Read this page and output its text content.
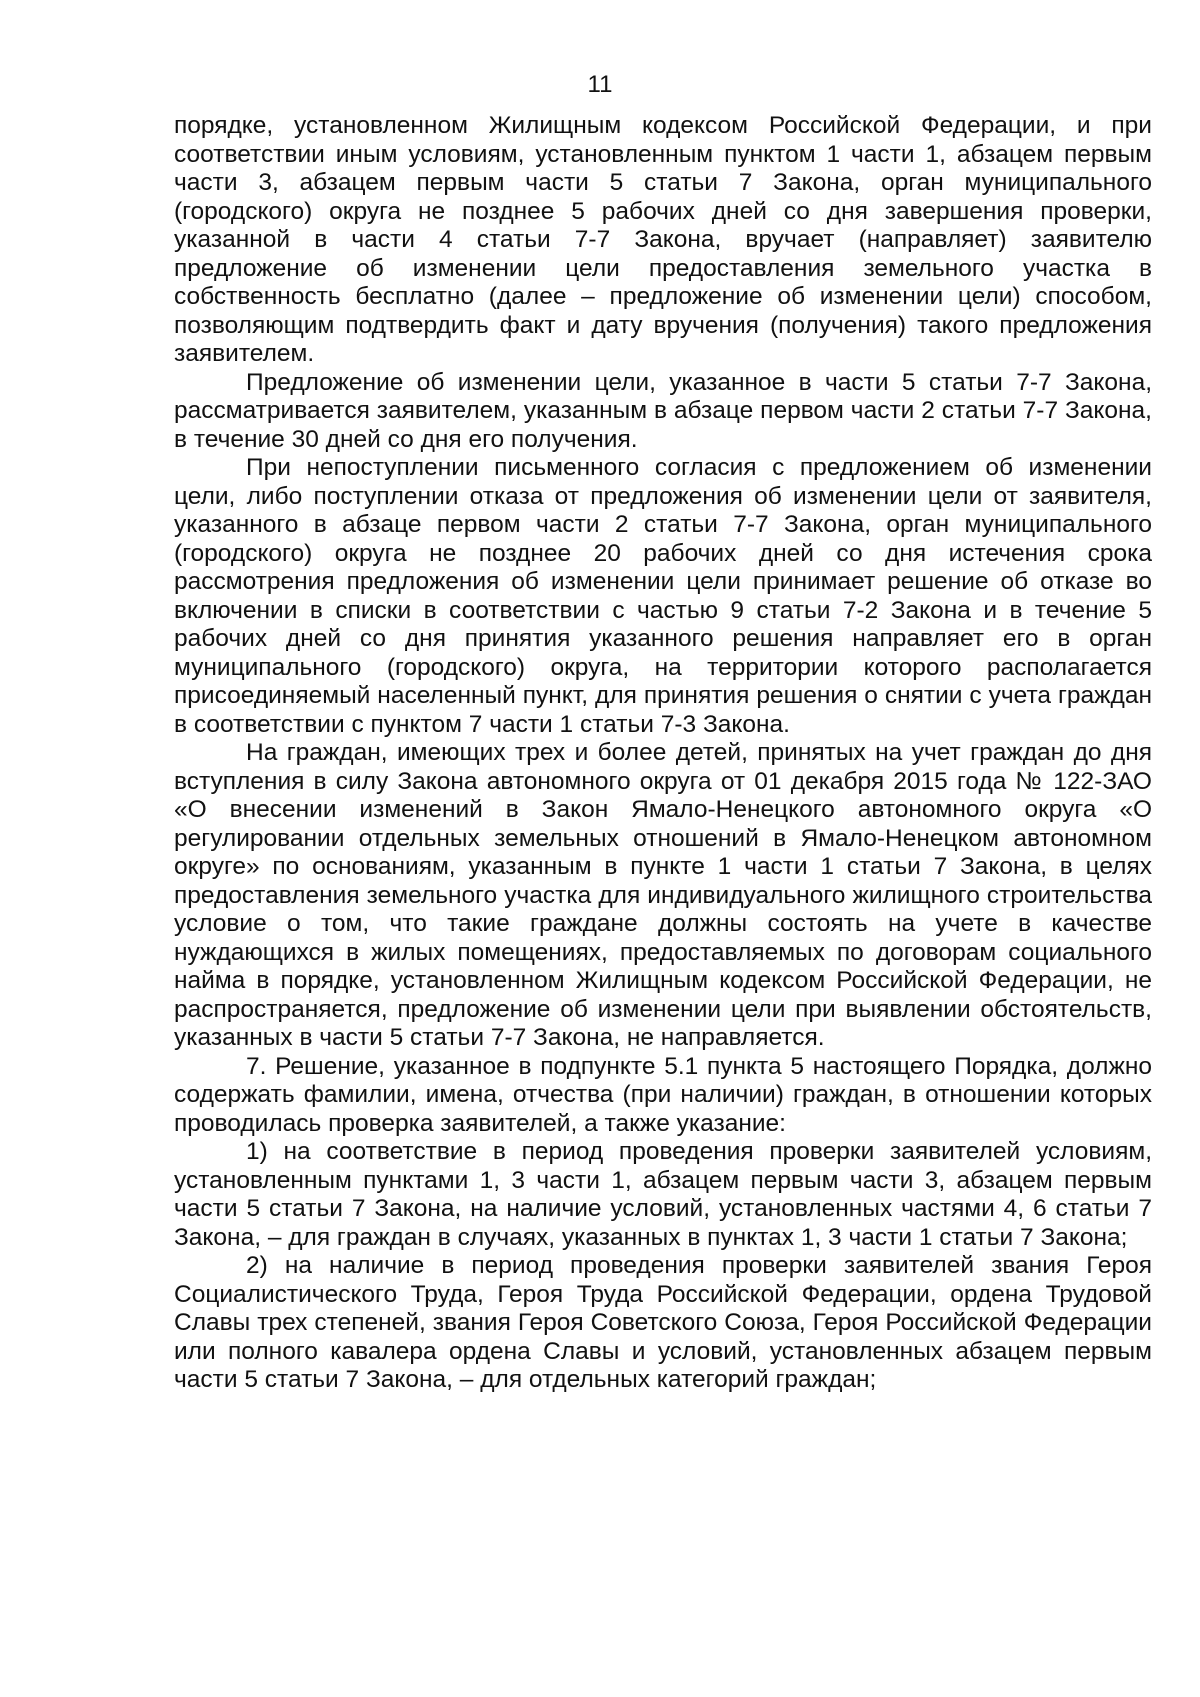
11

порядке, установленном Жилищным кодексом Российской Федерации, и при соответствии иным условиям, установленным пунктом 1 части 1, абзацем первым части 3, абзацем первым части 5 статьи 7 Закона, орган муниципального (городского) округа не позднее 5 рабочих дней со дня завершения проверки, указанной в части 4 статьи 7-7 Закона, вручает (направляет) заявителю предложение об изменении цели предоставления земельного участка в собственность бесплатно (далее – предложение об изменении цели) способом, позволяющим подтвердить факт и дату вручения (получения) такого предложения заявителем.

Предложение об изменении цели, указанное в части 5 статьи 7-7 Закона, рассматривается заявителем, указанным в абзаце первом части 2 статьи 7-7 Закона, в течение 30 дней со дня его получения.

При непоступлении письменного согласия с предложением об изменении цели, либо поступлении отказа от предложения об изменении цели от заявителя, указанного в абзаце первом части 2 статьи 7-7 Закона, орган муниципального (городского) округа не позднее 20 рабочих дней со дня истечения срока рассмотрения предложения об изменении цели принимает решение об отказе во включении в списки в соответствии с частью 9 статьи 7-2 Закона и в течение 5 рабочих дней со дня принятия указанного решения направляет его в орган муниципального (городского) округа, на территории которого располагается присоединяемый населенный пункт, для принятия решения о снятии с учета граждан в соответствии с пунктом 7 части 1 статьи 7-3 Закона.

На граждан, имеющих трех и более детей, принятых на учет граждан до дня вступления в силу Закона автономного округа от 01 декабря 2015 года № 122-ЗАО «О внесении изменений в Закон Ямало-Ненецкого автономного округа «О регулировании отдельных земельных отношений в Ямало-Ненецком автономном округе» по основаниям, указанным в пункте 1 части 1 статьи 7 Закона, в целях предоставления земельного участка для индивидуального жилищного строительства условие о том, что такие граждане должны состоять на учете в качестве нуждающихся в жилых помещениях, предоставляемых по договорам социального найма в порядке, установленном Жилищным кодексом Российской Федерации, не распространяется, предложение об изменении цели при выявлении обстоятельств, указанных в части 5 статьи 7-7 Закона, не направляется.

7. Решение, указанное в подпункте 5.1 пункта 5 настоящего Порядка, должно содержать фамилии, имена, отчества (при наличии) граждан, в отношении которых проводилась проверка заявителей, а также указание:

1) на соответствие в период проведения проверки заявителей условиям, установленным пунктами 1, 3 части 1, абзацем первым части 3, абзацем первым части 5 статьи 7 Закона, на наличие условий, установленных частями 4, 6 статьи 7 Закона, – для граждан в случаях, указанных в пунктах 1, 3 части 1 статьи 7 Закона;

2) на наличие в период проведения проверки заявителей звания Героя Социалистического Труда, Героя Труда Российской Федерации, ордена Трудовой Славы трех степеней, звания Героя Советского Союза, Героя Российской Федерации или полного кавалера ордена Славы и условий, установленных абзацем первым части 5 статьи 7 Закона, – для отдельных категорий граждан;
